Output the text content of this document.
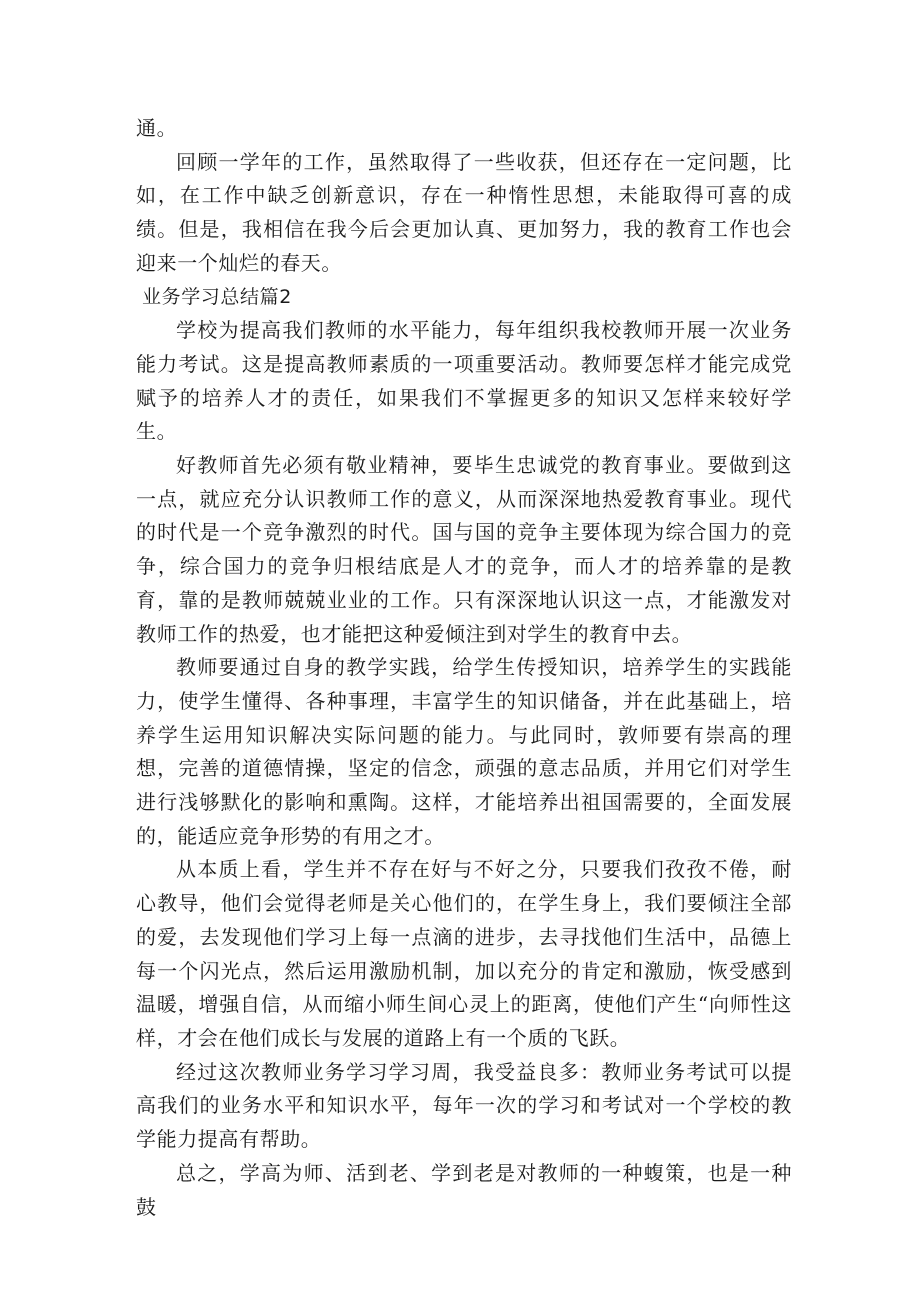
通。

回顾一学年的工作，虽然取得了一些收获，但还存在一定问题，比如，在工作中缺乏创新意识，存在一种惰性思想，未能取得可喜的成绩。但是，我相信在我今后会更加认真、更加努力，我的教育工作也会迎来一个灿烂的春天。

业务学习总结篇2

学校为提高我们教师的水平能力，每年组织我校教师开展一次业务能力考试。这是提高教师素质的一项重要活动。教师要怎样才能完成党赋予的培养人才的责任，如果我们不掌握更多的知识又怎样来较好学生。

好教师首先必须有敬业精神，要毕生忠诚党的教育事业。要做到这一点，就应充分认识教师工作的意义，从而深深地热爱教育事业。现代的时代是一个竞争激烈的时代。国与国的竞争主要体现为综合国力的竞争，综合国力的竞争归根结底是人才的竞争，而人才的培养靠的是教育，靠的是教师兢兢业业的工作。只有深深地认识这一点，才能激发对教师工作的热爱，也才能把这种爱倾注到对学生的教育中去。

教师要通过自身的教学实践，给学生传授知识，培养学生的实践能力，使学生懂得、各种事理，丰富学生的知识储备，并在此基础上，培养学生运用知识解决实际问题的能力。与此同时，敦师要有崇高的理想，完善的道德情操，坚定的信念，顽强的意志品质，并用它们对学生进行浅够默化的影响和熏陶。这样，才能培养出祖国需要的，全面发展的，能适应竞争形势的有用之才。

从本质上看，学生并不存在好与不好之分，只要我们孜孜不倦，耐心教导，他们会觉得老师是关心他们的，在学生身上，我们要倾注全部的爱，去发现他们学习上每一点滴的进步，去寻找他们生活中，品德上每一个闪光点，然后运用激励机制，加以充分的肯定和激励，恢受感到温暖，增强自信，从而缩小师生间心灵上的距离，使他们产生“向师性这样，才会在他们成长与发展的道路上有一个质的飞跃。

经过这次教师业务学习学习周，我受益良多：教师业务考试可以提高我们的业务水平和知识水平，每年一次的学习和考试对一个学校的教学能力提高有帮助。

总之，学高为师、活到老、学到老是对教师的一种蝮策，也是一种鼓
